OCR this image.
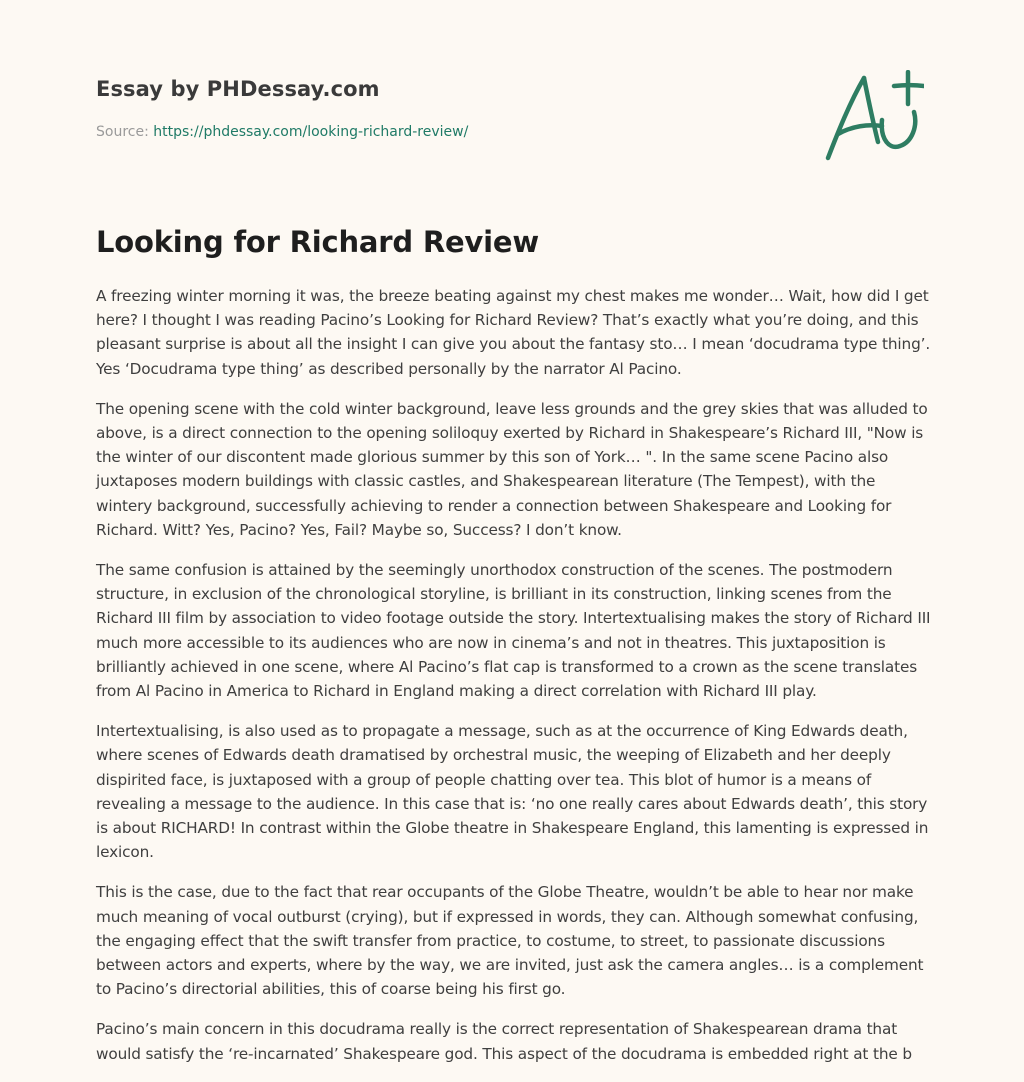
Essay by PHDessay.com
Source: https://phdessay.com/looking-richard-review/
Looking for Richard Review

A freezing winter morning it was, the breeze beating against my chest makes me wonder… Wait, how did I get here? I thought I was reading Pacino’s Looking for Richard Review? That’s exactly what you’re doing, and this pleasant surprise is about all the insight I can give you about the fantasy sto… I mean ‘docudrama type thing’. Yes ‘Docudrama type thing’ as described personally by the narrator Al Pacino.

The opening scene with the cold winter background, leave less grounds and the grey skies that was alluded to above, is a direct connection to the opening soliloquy exerted by Richard in Shakespeare’s Richard III, "Now is the winter of our discontent made glorious summer by this son of York… ". In the same scene Pacino also juxtaposes modern buildings with classic castles, and Shakespearean literature (The Tempest), with the wintery background, successfully achieving to render a connection between Shakespeare and Looking for Richard. Witt? Yes, Pacino? Yes, Fail? Maybe so, Success? I don’t know.

The same confusion is attained by the seemingly unorthodox construction of the scenes. The postmodern structure, in exclusion of the chronological storyline, is brilliant in its construction, linking scenes from the Richard III film by association to video footage outside the story. Intertextualising makes the story of Richard III much more accessible to its audiences who are now in cinema’s and not in theatres. This juxtaposition is brilliantly achieved in one scene, where Al Pacino’s flat cap is transformed to a crown as the scene translates from Al Pacino in America to Richard in England making a direct correlation with Richard III play.

Intertextualising, is also used as to propagate a message, such as at the occurrence of King Edwards death, where scenes of Edwards death dramatised by orchestral music, the weeping of Elizabeth and her deeply dispirited face, is juxtaposed with a group of people chatting over tea. This blot of humor is a means of revealing a message to the audience. In this case that is: ‘no one really cares about Edwards death’, this story is about RICHARD! In contrast within the Globe theatre in Shakespeare England, this lamenting is expressed in lexicon.

This is the case, due to the fact that rear occupants of the Globe Theatre, wouldn’t be able to hear nor make much meaning of vocal outburst (crying), but if expressed in words, they can. Although somewhat confusing, the engaging effect that the swift transfer from practice, to costume, to street, to passionate discussions between actors and experts, where by the way, we are invited, just ask the camera angles… is a complement to Pacino’s directorial abilities, this of coarse being his first go.

Pacino’s main concern in this docudrama really is the correct representation of Shakespearean drama that would satisfy the ‘re-incarnated’ Shakespeare god. This aspect of the docudrama is embedded right at the b
